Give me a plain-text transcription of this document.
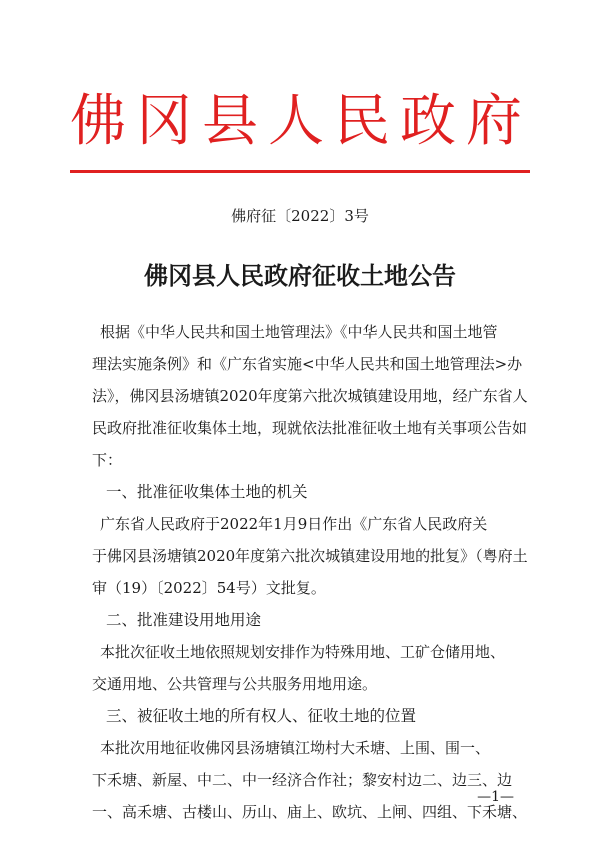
佛冈县人民政府
佛府征〔2022〕3号
佛冈县人民政府征收土地公告
根据《中华人民共和国土地管理法》《中华人民共和国土地管
理法实施条例》和《广东省实施<中华人民共和国土地管理法>办
法》，佛冈县汤塘镇2020年度第六批次城镇建设用地，经广东省人
民政府批准征收集体土地，现就依法批准征收土地有关事项公告如
下：
一、批准征收集体土地的机关
广东省人民政府于2022年1月9日作出《广东省人民政府关
于佛冈县汤塘镇2020年度第六批次城镇建设用地的批复》（粤府土
审（19）〔2022〕54号）文批复。
二、批准建设用地用途
本批次征收土地依照规划安排作为特殊用地、工矿仓储用地、
交通用地、公共管理与公共服务用地用途。
三、被征收土地的所有权人、征收土地的位置
本批次用地征收佛冈县汤塘镇江坳村大禾塘、上围、围一、
下禾塘、新屋、中二、中一经济合作社；黎安村边二、边三、边
一、高禾塘、古楼山、历山、庙上、欧坑、上闸、四组、下禾塘、
—1—
